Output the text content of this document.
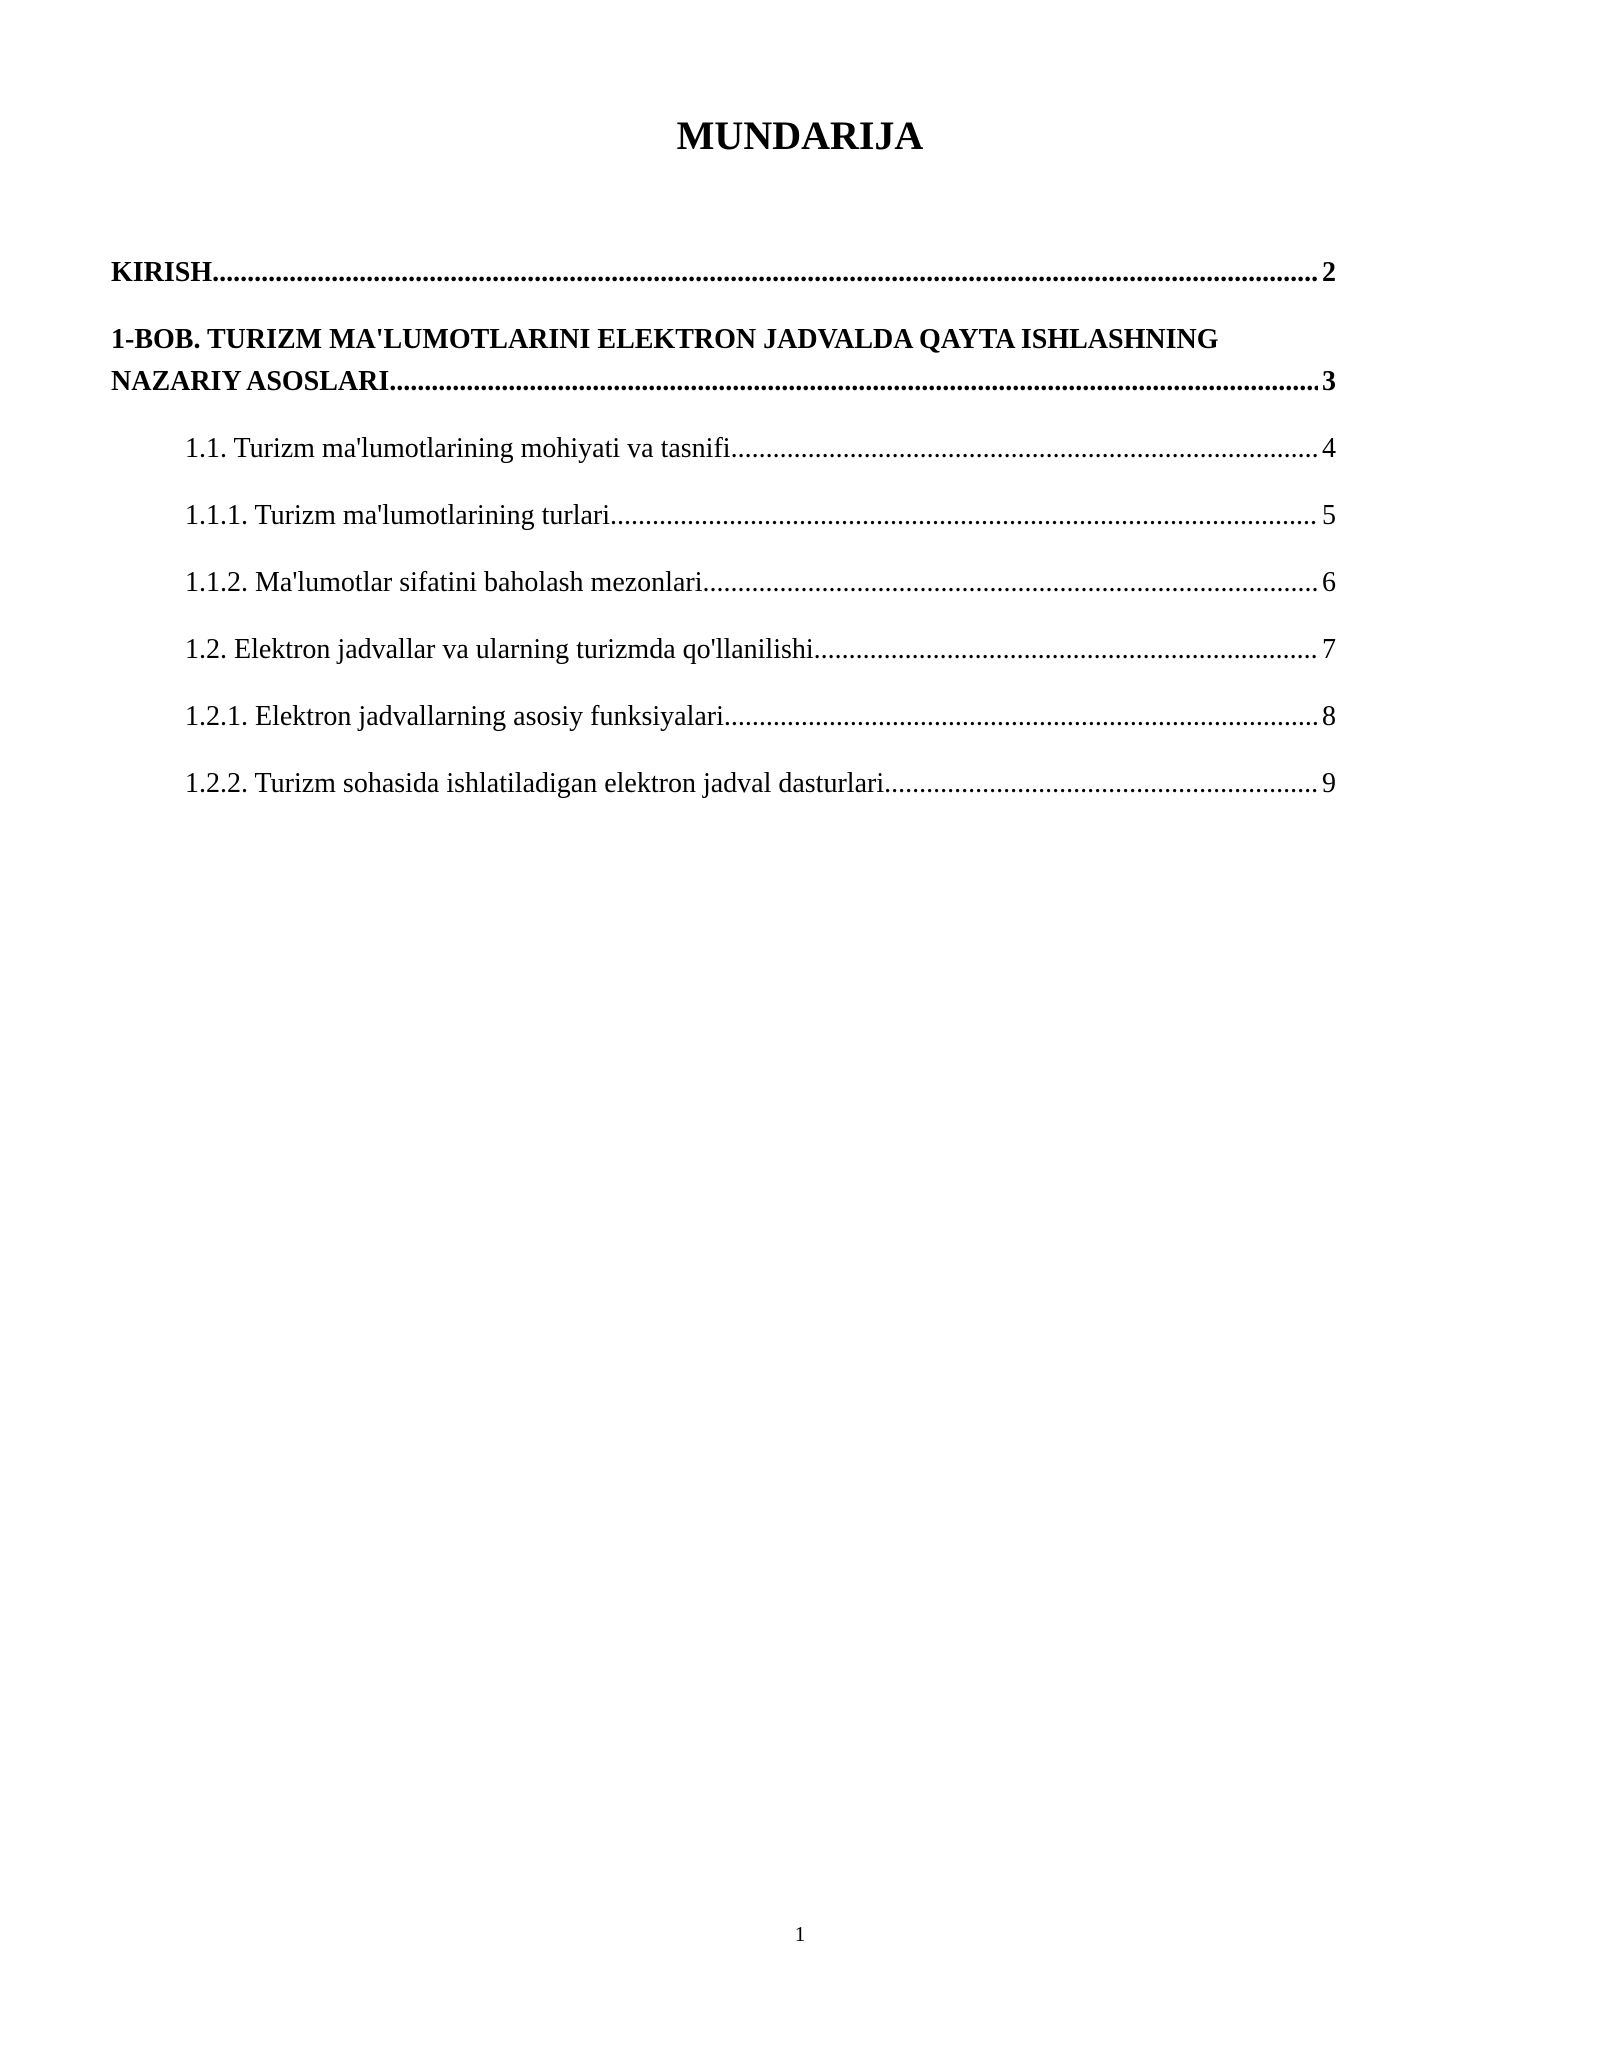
MUNDARIJA
KIRISH .....	2
1-BOB. TURIZM MA'LUMOTLARINI ELEKTRON JADVALDA QAYTA ISHLASHNING
NAZARIY ASOSLARI .....	3
1.1. Turizm ma'lumotlarining mohiyati va tasnifi .....	4
1.1.1. Turizm ma'lumotlarining turlari .....	5
1.1.2. Ma'lumotlar sifatini baholash mezonlari .....	6
1.2. Elektron jadvallar va ularning turizmda qo'llanilishi .....	7
1.2.1. Elektron jadvallarning asosiy funksiyalari .....	8
1.2.2. Turizm sohasida ishlatiladigan elektron jadval dasturlari .....	9
1
